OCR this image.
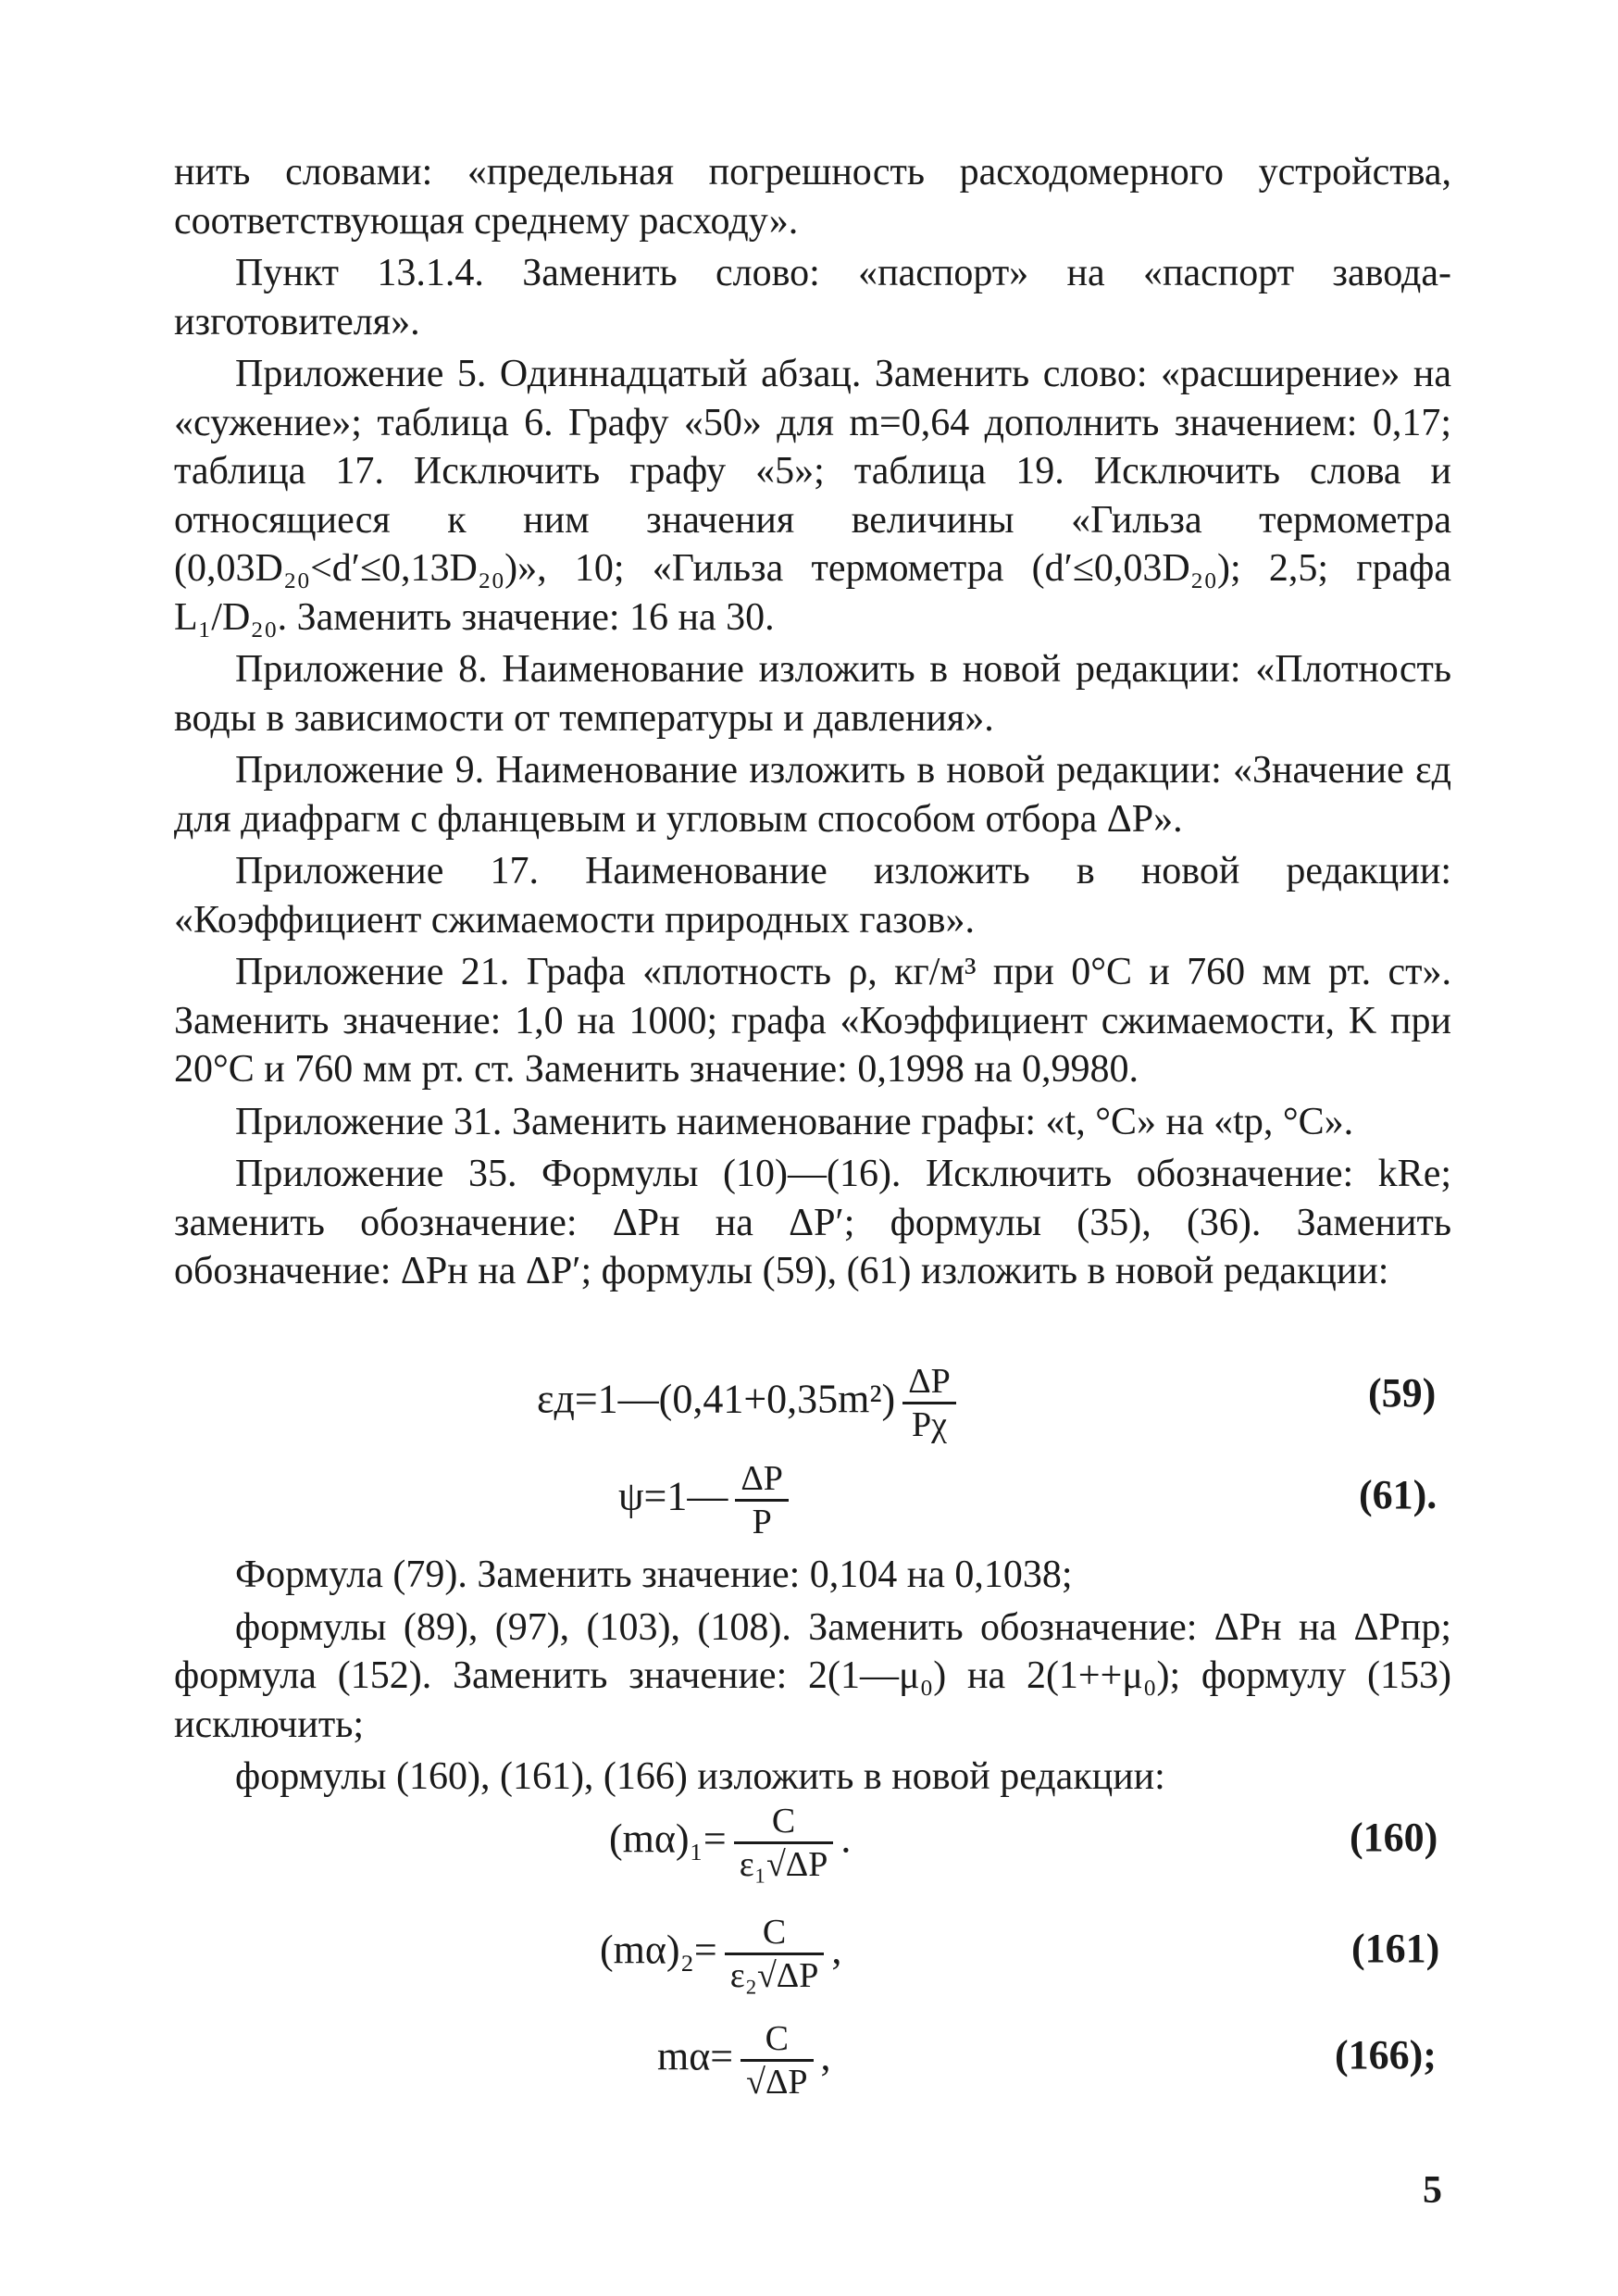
нить словами: «предельная погрешность расходомерного устройства, соответствующая среднему расходу».

Пункт 13.1.4. Заменить слово: «паспорт» на «паспорт завода-изготовителя».

Приложение 5. Одиннадцатый абзац. Заменить слово: «расширение» на «сужение»; таблица 6. Графу «50» для m=0,64 дополнить значением: 0,17; таблица 17. Исключить графу «5»; таблица 19. Исключить слова и относящиеся к ним значения величины «Гильза термометра (0,03D₂₀<d′≤0,13D₂₀)», 10; «Гильза термометра (d′≤0,03D₂₀); 2,5; графа L₁/D₂₀. Заменить значение: 16 на 30.

Приложение 8. Наименование изложить в новой редакции: «Плотность воды в зависимости от температуры и давления».

Приложение 9. Наименование изложить в новой редакции: «Значение εд для диафрагм с фланцевым и угловым способом отбора ΔP».

Приложение 17. Наименование изложить в новой редакции: «Коэффициент сжимаемости природных газов».

Приложение 21. Графа «плотность ρ, кг/м³ при 0°С и 760 мм рт. ст». Заменить значение: 1,0 на 1000; графа «Коэффициент сжимаемости, K при 20°С и 760 мм рт. ст. Заменить значение: 0,1998 на 0,9980.

Приложение 31. Заменить наименование графы: «t, °С» на «tp, °С».

Приложение 35. Формулы (10)—(16). Исключить обозначение: kRe; заменить обозначение: ΔPн на ΔP′; формулы (35), (36). Заменить обозначение: ΔPн на ΔP′; формулы (59), (61) изложить в новой редакции:

εд=1—(0,41+0,35m²) $\frac{\Delta P}{P\chi}$	(59)
ψ=1— $\frac{\Delta P}{P}$	(61).

Формула (79). Заменить значение: 0,104 на 0,1038;

формулы (89), (97), (103), (108). Заменить обозначение: ΔPн на ΔPпр; формула (152). Заменить значение: 2(1—μ₀) на 2(1++μ₀); формулу (153) исключить;

формулы (160), (161), (166) изложить в новой редакции:

$(m\alpha)_1= \frac{C}{\text{ε₁√ΔP}}$ .	(160)
$(m\alpha)_2= \frac{C}{\text{ε₂√ΔP}}$ ,	(161)
$m\alpha= \frac{C}{√\Delta P}$ ,	(166);
5
